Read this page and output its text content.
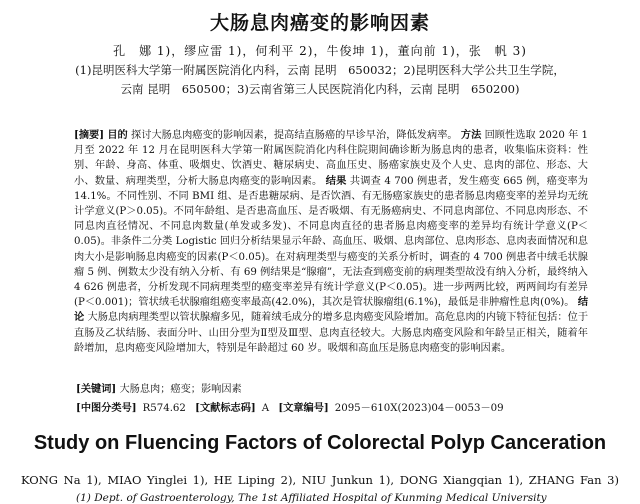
大肠息肉癌变的影响因素
孔　娜 1)，缪应雷 1)，何利平 2)，牛俊坤 1)，董向前 1)，张　帆 3)
(1)昆明医科大学第一附属医院消化内科，云南 昆明　650032；2)昆明医科大学公共卫生学院，
云南 昆明　650500；3)云南省第三人民医院消化内科，云南 昆明　650200)

[摘要] 目的 探讨大肠息肉癌变的影响因素，提高结直肠癌的早诊早治，降低发病率。 方法 回顾性选取 2020 年 1 月至 2022 年 12 月在昆明医科大学第一附属医院消化内科住院期间确诊断为肠息肉的患者，收集临床资料：性别、年龄、身高、体重、吸烟史、饮酒史、糖尿病史、高血压史、肠癌家族史及个人史、息肉的部位、形态、大小、数量、病理类型，分析大肠息肉癌变的影响因素。 结果 共调查 4 700 例患者，发生癌变 665 例，癌变率为 14.1%。不同性别、不同 BMI 组、是否患糖尿病、是否饮酒、有无肠癌家族史的患者肠息肉癌变率的差异均无统计学意义(P＞0.05)。不同年龄组、是否患高血压、是否吸烟、有无肠癌病史、不同息肉部位、不同息肉形态、不同息肉直径情况、不同息肉数量(单发或多发)、不同息肉直径的患者肠息肉癌变率的差异均有统计学意义(P＜0.05)。非条件二分类 Logistic 回归分析结果显示年龄、高血压、吸烟、息肉部位、息肉形态、息肉表面情况和息肉大小是影响肠息肉癌变的因素(P＜0.05)。在对病理类型与癌变的关系分析时，调查的 4 700 例患者中绒毛状腺瘤 5 例、例数太少没有纳入分析、有 69 例结果是“腺瘤”，无法查到癌变前的病理类型故没有纳入分析，最终纳入 4 626 例患者，分析发现不同病理类型的癌变率差异有统计学意义(P＜0.05)。进一步两两比较，两两间均有差异(P＜0.001)；管状绒毛状腺瘤组癌变率最高(42.0%)，其次是管状腺瘤组(6.1%)，最低是非肿瘤性息肉(0%)。 结论 大肠息肉病理类型以管状腺瘤多见，随着绒毛成分的增多息肉癌变风险增加。高危息肉的内镜下特征包括：位于直肠及乙状结肠、表面分叶、山田分型为Ⅱ型及Ⅲ型、息肉直径较大。大肠息肉癌变风险和年龄呈正相关，随着年龄增加，息肉癌变风险增加大，特别是年龄超过 60 岁。吸烟和高血压是肠息肉癌变的影响因素。

[关键词] 大肠息肉；癌变；影响因素
[中图分类号] R574.62 [文献标志码] A [文章编号] 2095－610X(2023)04－0053－09
Study on Fluencing Factors of Colorectal Polyp Canceration
KONG Na 1), MIAO Yinglei 1), HE Liping 2), NIU Junkun 1), DONG Xiangqian 1), ZHANG Fan 3)
(1) Dept. of Gastroenterology, The 1st Affiliated Hospital of Kunming Medical University
